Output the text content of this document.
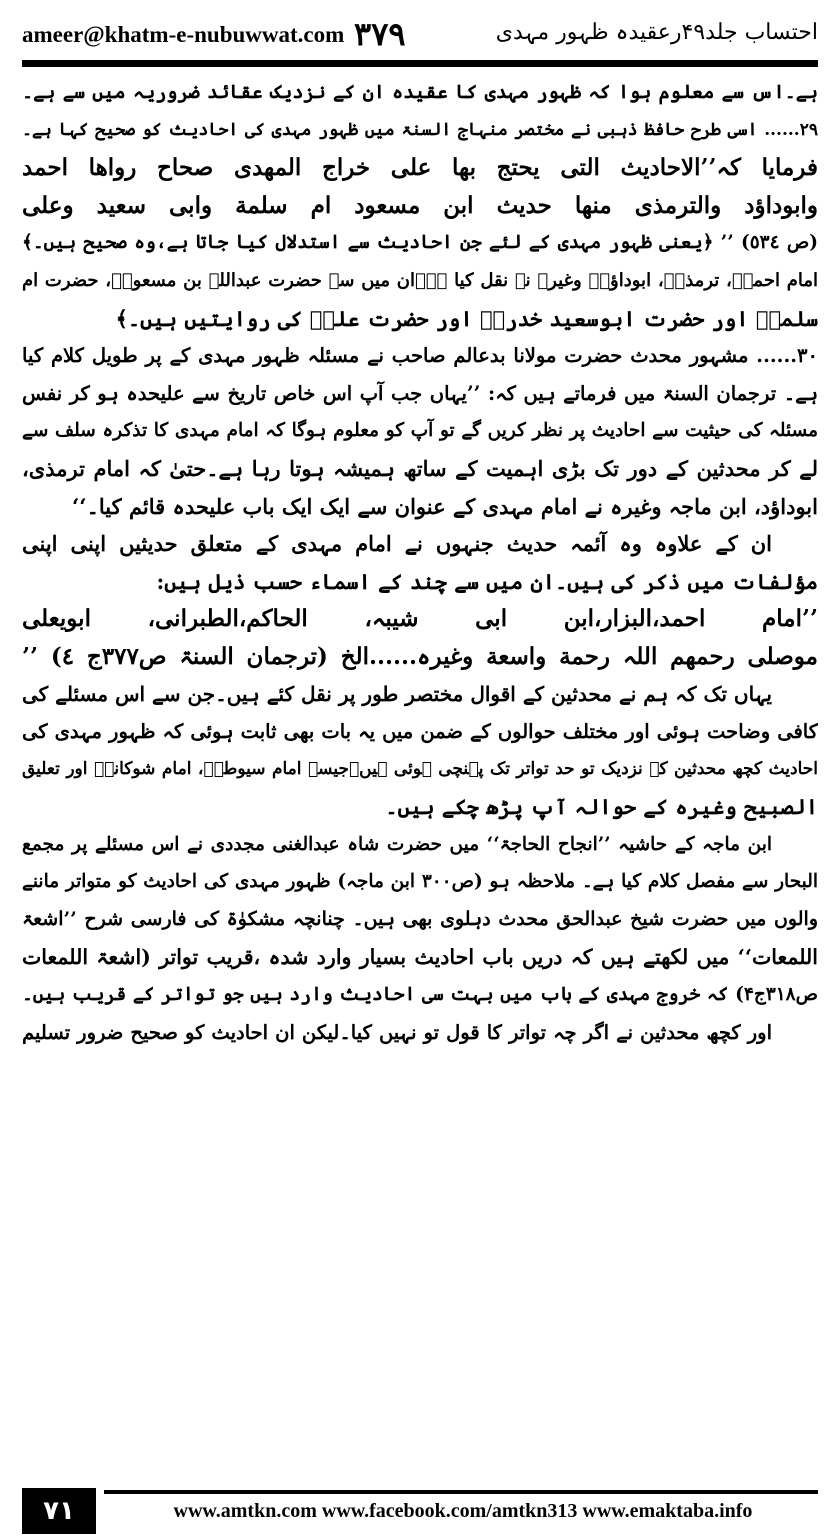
ameer@khatm-e-nubuwwat.com ۳۷۹	احتساب جلد۴۹رعقیدہ ظہور مہدی
ہے۔اس سے معلوم ہوا کہ ظہور مہدی کا عقیدہ ان کے نزدیک عقائد ضروریہ میں سے ہے۔
۲۹...... اسی طرح حافظ ذہبی نے مختصر منہاج السنۃ میں ظہور مہدی کی احادیث کو صحیح کہا ہے۔
فرمایا کہ’’الاحادیث التی یحتج بھا علی خراج المھدی صحاح رواھا احمد
وابوداؤد والترمذی منھا حدیث ابن مسعود ام سلمة وابی سعید وعلی
(ص ٥٣٤) ’’ ﴿یعنی ظہور مہدی کے لئے جن احادیث سے استدلال کیا جاتا ہے،وہ صحیح ہیں۔﴾
امام احمدؒ، ترمذیؒ، ابوداؤدؒ وغیرہ نے نقل کیا ہے۔ان میں سے حضرت عبداللہ بن مسعودؓ، حضرت ام
سلمہؓ اور حضرت ابوسعید خدریؓ اور حضرت علیؓ کی روایتیں ہیں۔﴾
۳۰...... مشہور محدث حضرت مولانا بدعالم صاحب نے مسئلہ ظہور مہدی کے پر طویل کلام کیا
ہے۔ ترجمان السنۃ میں فرماتے ہیں کہ: ’’یہاں جب آپ اس خاص تاریخ سے علیحدہ ہو کر نفس
مسئلہ کی حیثیت سے احادیث پر نظر کریں گے تو آپ کو معلوم ہوگا کہ امام مہدی کا تذکرہ سلف سے
لے کر محدثین کے دور تک بڑی اہمیت کے ساتھ ہمیشہ ہوتا رہا ہے۔حتیٰ کہ امام ترمذی،
ابوداؤد، ابن ماجہ وغیرہ نے امام مہدی کے عنوان سے ایک ایک باب علیحدہ قائم کیا۔‘‘
ان کے علاوہ وہ آئمہ حدیث جنہوں نے امام مہدی کے متعلق حدیثیں اپنی اپنی
مؤلفات میں ذکر کی ہیں۔ان میں سے چند کے اسماء حسب ذیل ہیں:
’’امام احمد،البزار،ابن ابی شیبہ، الحاکم،الطبرانی، ابویعلی
موصلی رحمھم اللہ رحمة واسعة وغیرہ......الخ (ترجمان السنۃ ص۳۷۷ج ٤) ’’
یہاں تک کہ ہم نے محدثین کے اقوال مختصر طور پر نقل کئے ہیں۔جن سے اس مسئلے کی
کافی وضاحت ہوئی اور مختلف حوالوں کے ضمن میں یہ بات بھی ثابت ہوئی کہ ظہور مہدی کی
احادیث کچھ محدثین کے نزدیک تو حد تواتر تک پہنچی ہوئی ہیں۔جیسے امام سیوطیؒ، امام شوکانیؒ اور تعلیق
الصبیح وغیرہ کے حوالہ آپ پڑھ چکے ہیں۔
ابن ماجہ کے حاشیہ ’’انجاح الحاجۃ‘‘ میں حضرت شاہ عبدالغنی مجددی نے اس مسئلے پر مجمع
البحار سے مفصل کلام کیا ہے۔ ملاحظہ ہو (ص۳۰۰ ابن ماجہ) ظہور مہدی کی احادیث کو متواتر ماننے
والوں میں حضرت شیخ عبدالحق محدث دہلوی بھی ہیں۔ چنانچہ مشکوٰۃ کی فارسی شرح ’’اشعۃ
اللمعات‘‘ میں لکھتے ہیں کہ دریں باب احادیث بسیار وارد شدہ ،قریب تواتر (اشعۃ اللمعات
ص۳۱۸ج۴) کہ خروج مہدی کے باب میں بہت سی احادیث وارد ہیں جو تواتر کے قریب ہیں۔
اور کچھ محدثین نے اگر چہ تواتر کا قول تو نہیں کیا۔لیکن ان احادیث کو صحیح ضرور تسلیم
۷۱	www.amtkn.com www.facebook.com/amtkn313 www.emaktaba.info
